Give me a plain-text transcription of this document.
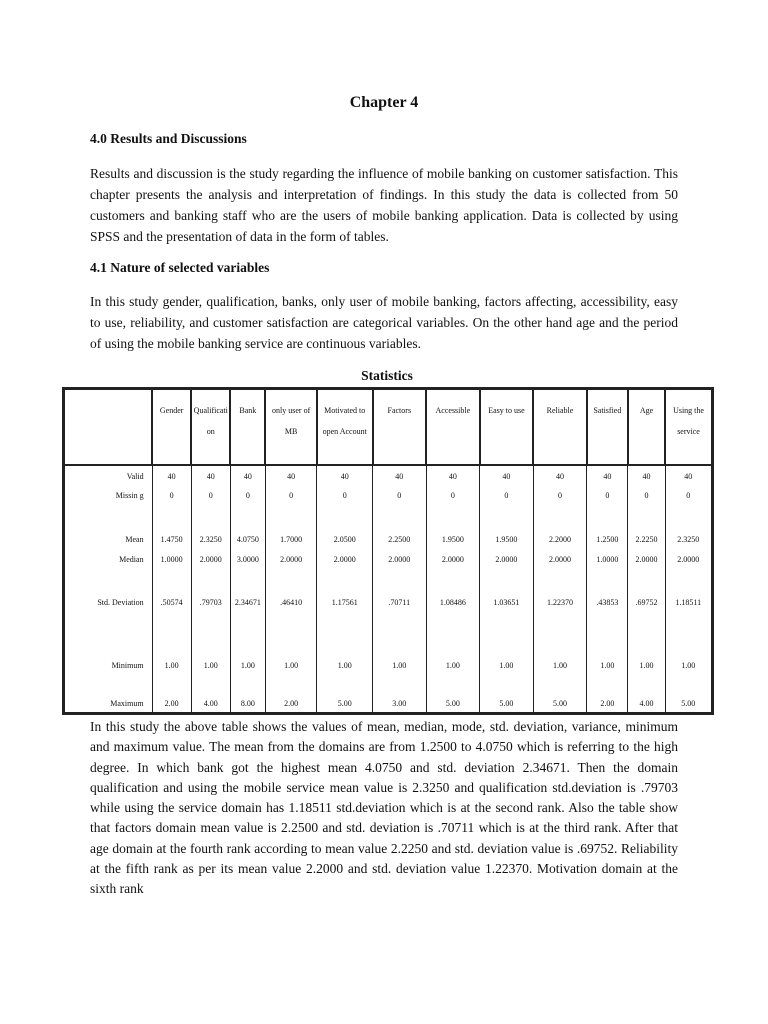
Chapter 4
4.0 Results and Discussions

Results and discussion is the study regarding the influence of mobile banking on customer satisfaction. This chapter presents the analysis and interpretation of findings. In this study the data is collected from 50 customers and banking staff who are the users of mobile banking application. Data is collected by using SPSS and the presentation of data in the form of tables.

4.1 Nature of selected variables

In this study gender, qualification, banks, only user of mobile banking, factors affecting, accessibility, easy to use, reliability, and customer satisfaction are categorical variables. On the other hand age and the period of using the mobile banking service are continuous variables.

Statistics
	Gender	Qualificati on	Bank	only user of MB	Motivated to open Account	Factors	Accessible	Easy to use	Reliable	Satisfied	Age	Using the service
Valid	40	40	40	40	40	40	40	40	40	40	40	40
Missin g	0	0	0	0	0	0	0	0	0	0	0	0
Mean	1.4750	2.3250	4.0750	1.7000	2.0500	2.2500	1.9500	1.9500	2.2000	1.2500	2.2250	2.3250
Median	1.0000	2.0000	3.0000	2.0000	2.0000	2.0000	2.0000	2.0000	2.0000	1.0000	2.0000	2.0000
Std. Deviation	.50574	.79703	2.34671	.46410	1.17561	.70711	1.08486	1.03651	1.22370	.43853	.69752	1.18511
Minimum	1.00	1.00	1.00	1.00	1.00	1.00	1.00	1.00	1.00	1.00	1.00	1.00
Maximum	2.00	4.00	8.00	2.00	5.00	3.00	5.00	5.00	5.00	2.00	4.00	5.00

In this study the above table shows the values of mean, median, mode, std. deviation, variance, minimum and maximum value. The mean from the domains are from 1.2500 to 4.0750 which is referring to the high degree. In which bank got the highest mean 4.0750 and std. deviation 2.34671. Then the domain qualification and using the mobile service mean value is 2.3250 and qualification std.deviation is .79703 while using the service domain has 1.18511 std.deviation which is at the second rank. Also the table show that factors domain mean value is 2.2500 and std. deviation is .70711 which is at the third rank. After that age domain at the fourth rank according to mean value 2.2250 and std. deviation value is .69752. Reliability at the fifth rank as per its mean value 2.2000 and std. deviation value 1.22370. Motivation domain at the sixth rank
